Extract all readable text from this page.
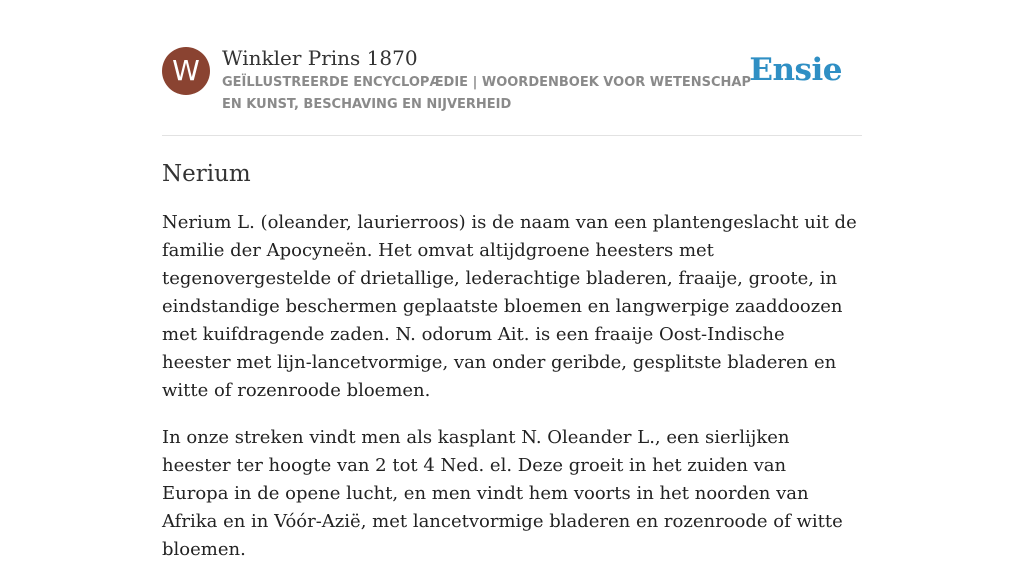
W	Winkler Prins 1870
GEÏLLUSTREERDE ENCYCLOPÆDIE | WOORDENBOEK VOOR WETENSCHAP EN KUNST, BESCHAVING EN NIJVERHEID
Ensie
Nerium

Nerium L. (oleander, laurierroos) is de naam van een plantengeslacht uit de familie der Apocyneën. Het omvat altijdgroene heesters met tegenovergestelde of drietallige, lederachtige bladeren, fraaije, groote, in eindstandige beschermen geplaatste bloemen en langwerpige zaaddoozen met kuifdragende zaden. N. odorum Ait. is een fraaije Oost-Indische heester met lijn-lancetvormige, van onder geribde, gesplitste bladeren en witte of rozenroode bloemen.

In onze streken vindt men als kasplant N. Oleander L., een sierlijken heester ter hoogte van 2 tot 4 Ned. el. Deze groeit in het zuiden van Europa in de opene lucht, en men vindt hem voorts in het noorden van Afrika en in Vóór-Azië, met lancetvormige bladeren en rozenroode of witte bloemen.
